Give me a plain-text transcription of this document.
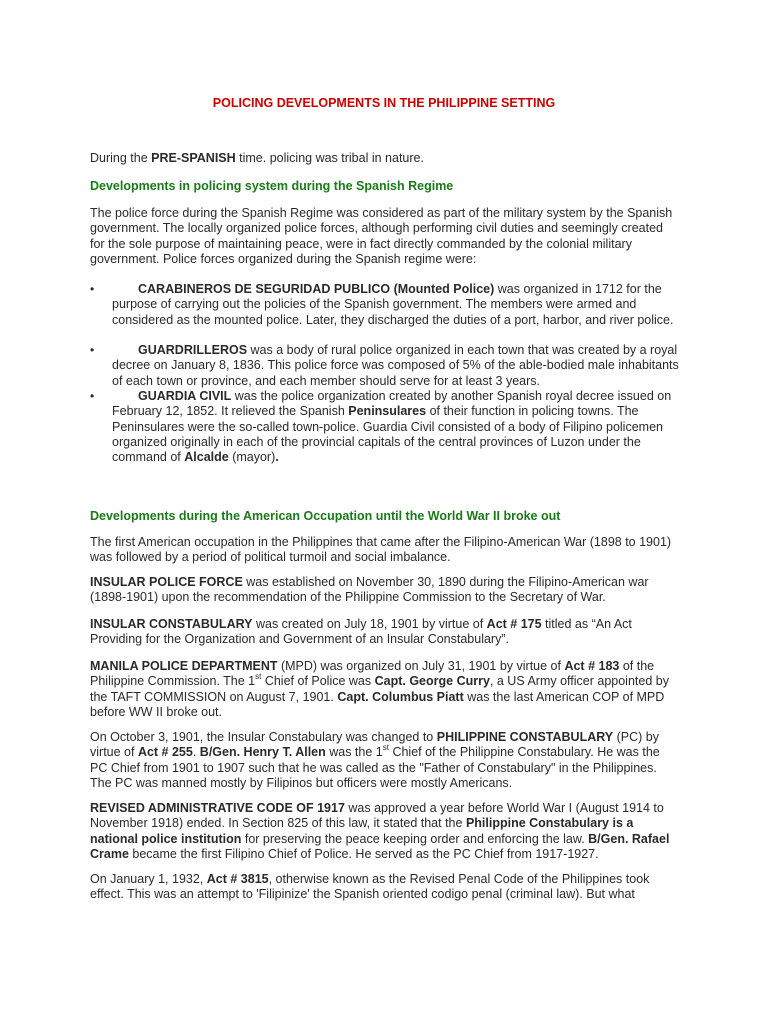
POLICING DEVELOPMENTS IN THE PHILIPPINE SETTING
During the PRE-SPANISH time. policing was tribal in nature.
Developments in policing system during the Spanish Regime
The police force during the Spanish Regime was considered as part of the military system by the Spanish government. The locally organized police forces, although performing civil duties and seemingly created for the sole purpose of maintaining peace, were in fact directly commanded by the colonial military government. Police forces organized during the Spanish regime were:
•	CARABINEROS DE SEGURIDAD PUBLICO (Mounted Police) was organized in 1712 for the purpose of carrying out the policies of the Spanish government. The members were armed and considered as the mounted police. Later, they discharged the duties of a port, harbor, and river police.
•	GUARDRILLEROS was a body of rural police organized in each town that was created by a royal decree on January 8, 1836. This police force was composed of 5% of the able-bodied male inhabitants of each town or province, and each member should serve for at least 3 years.
•	GUARDIA CIVIL was the police organization created by another Spanish royal decree issued on February 12, 1852. It relieved the Spanish Peninsulares of their function in policing towns. The Peninsulares were the so-called town-police. Guardia Civil consisted of a body of Filipino policemen organized originally in each of the provincial capitals of the central provinces of Luzon under the command of Alcalde (mayor).
Developments during the American Occupation until the World War II broke out
The first American occupation in the Philippines that came after the Filipino-American War (1898 to 1901) was followed by a period of political turmoil and social imbalance.
INSULAR POLICE FORCE was established on November 30, 1890 during the Filipino-American war (1898-1901) upon the recommendation of the Philippine Commission to the Secretary of War.
INSULAR CONSTABULARY was created on July 18, 1901 by virtue of Act # 175 titled as “An Act Providing for the Organization and Government of an Insular Constabulary”.
MANILA POLICE DEPARTMENT (MPD) was organized on July 31, 1901 by virtue of Act # 183 of the Philippine Commission. The 1st Chief of Police was Capt. George Curry, a US Army officer appointed by the TAFT COMMISSION on August 7, 1901. Capt. Columbus Piatt was the last American COP of MPD before WW II broke out.
On October 3, 1901, the Insular Constabulary was changed to PHILIPPINE CONSTABULARY (PC) by virtue of Act # 255. B/Gen. Henry T. Allen was the 1st Chief of the Philippine Constabulary. He was the PC Chief from 1901 to 1907 such that he was called as the "Father of Constabulary" in the Philippines. The PC was manned mostly by Filipinos but officers were mostly Americans.
REVISED ADMINISTRATIVE CODE OF 1917 was approved a year before World War I (August 1914 to November 1918) ended. In Section 825 of this law, it stated that the Philippine Constabulary is a national police institution for preserving the peace keeping order and enforcing the law. B/Gen. Rafael Crame became the first Filipino Chief of Police. He served as the PC Chief from 1917-1927.
On January 1, 1932, Act # 3815, otherwise known as the Revised Penal Code of the Philippines took effect. This was an attempt to 'Filipinize' the Spanish oriented codigo penal (criminal law). But what
